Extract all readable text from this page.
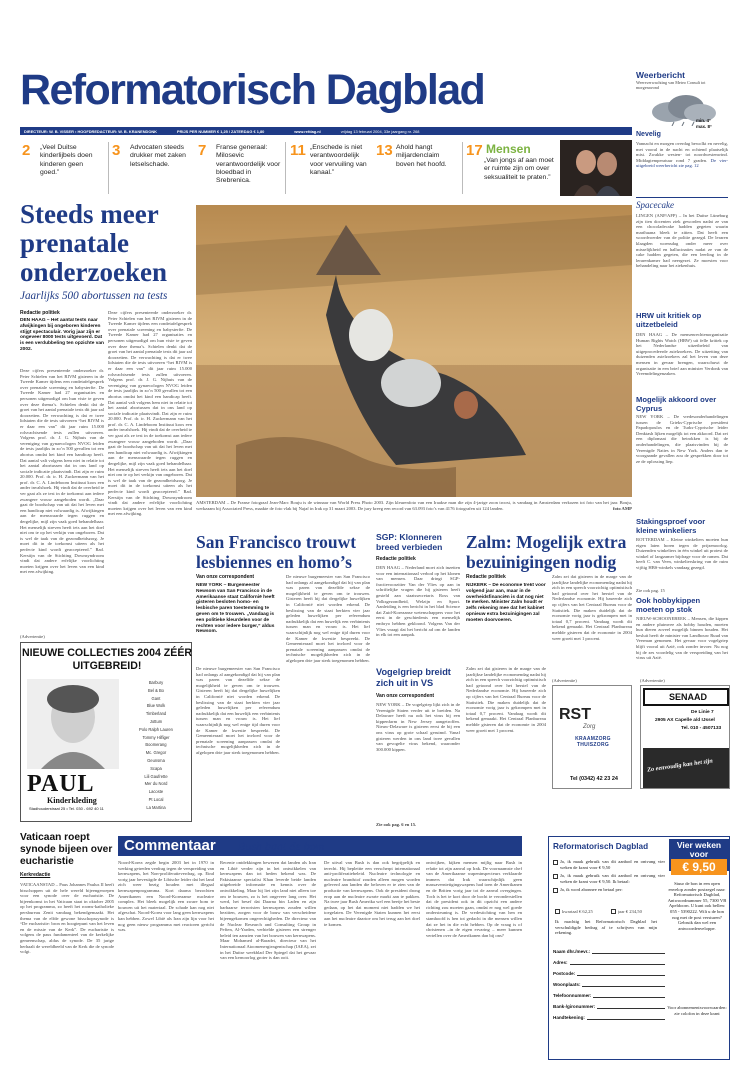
Reformatorisch Dagblad	Weerbericht
Weersverwachting van Meteo Consult tot morgenavond
min. 4°
max. 8°
DIRECTEUR: W. B. VISSER • HOOFDREDACTEUR: W. B. KRANENDONK	PRIJS PER NUMMER € 1,25 / ZATERDAG € 1,80	www.refdag.nl	vrijdag 13 februari 2004, 33e jaargang nr. 268
2 „Veel Duitse kinderlijbels doen kinderen geen goed.”
3 Advocaten steeds drukker met zaken letselschade.
7 Franse generaal: Milosevic verantwoordelijk voor bloedbad in Srebrenica.
11 „Enschede is niet verantwoordelijk voor vervuiling van kanaal.”
13 Ahold hangt miljardenclaim boven het hoofd.
17 Mensen
„Van jongs af aan moet er ruimte zijn om over seksualiteit te praten.”
Nevelig
Vannacht en morgen overdag bewolkt en nevelig, met vooral in de nacht en ochtend plaatselijk mist. Zwakke westen- tot noordwestenwind. Middagtemperatuur rond 7 graden. De vier- uitgebreid weerbericht zie pag. 12
Spacecake
LINGEN (ANP/AFP) – In het Duitse Lüneburg zijn tien docenten ziek geworden nadat ze van een chocoladecake hadden gegeten waarin marihuana bleek te zitten. Dat heeft een woordvoerder van de politie gezegd. De leraren klaagden woensdag onder meer over misselijkheid en hallucinaties nadat ze van de cake hadden gegeten, die een leerling in de lerarenkamer had neergezet. Ze moesten voor behandeling naar het ziekenhuis.
HRW uit kritiek op uitzetbeleid
DEN HAAG – De mensenrechtenorganisatie Human Rights Watch (HRW) uit felle kritiek op het Nederlandse uitzetbeleid van uitgeprocedeerde asielzoekers. De uitzetting van duizenden asielzoekers zal het leven van deze mensen in gevaar brengen, waarschuwt de organisatie in een brief aan minister Verdonk van Vreemdelingenzaken.
Mogelijk akkoord over Cyprus
NEW YORK – De vredesonderhandelingen tussen de Grieks-Cyprische president Papadopoulos en de Turks-Cyprische leider Denktash lijken mogelijk tot een akkoord. Dat zei een diplomaat die betrokken is bij de onderhandelingen, die plaatsvinden bij de Verenigde Naties in New York. Anders dan te voorgaande gevallen zou de gesprekken door tot ze de oplossing liep.
Stakingsproef voor kleine winkeliers
ROTTERDAM – Kleine winkeliers moeten hun eigen laten horen tegen de prijzenoorlog. Duizenden winkeliers in één winkel uit protest de winkel of langzamer bijdrage voor de ramen. Dat heeft C. van Veen, winkelierskring van de ruim vijftig HBS-winkels vandaag gezegd.
Zie ook pag. 15
Ook hobbykippen moeten op stok
NIEUW-SCHOONEBEEK – Mensen, die kippen en andere pluimvee als hobby houden, moeten hun dieren zoveel mogelijk binnen houden. Het besluit heeft de minister van Landbouw Ruud van Veerman genomen. Het gevaar voor vogelgriep blijft vooral uit Azië, ook zonder invoer. Nu nog bij de zes voordelig van de verspreiding van het virus uit Azië.
Steeds meer prenatale onderzoeken
Jaarlijks 500 abortussen na tests
Redactie politiek
DEN HAAG – Het aantal tests naar afwijkingen bij ongeboren kinderen stijgt spectaculair. Vorig jaar zijn er ongeveer 8000 tests uitgevoerd. Dat is een verdubbeling ten opzichte van 2002.
Deze cijfers presenteerde onderzoeker dr. Peter Schielen van het RIVM gisteren in de Tweede Kamer tijdens een rondetafelgesprek over prenatale screening en babysterfte. De Tweede Kamer had 27 organisaties en personen uitgenodigd om hun visie te geven over deze thema’s. Schielen denkt dat de groei van het aantal prenatale tests dit jaar zal doorzetten. De verwachting is dat er twee lidstaten die de tests uitvoeren “het RIVM is er daar een van” dit jaar ruim 15.000 rolsvachtsende tests zullen uitvoeren. Volgens prof. dr. J. G. Nijhuis van de vereniging van gynaecologen NVOG leiden de tests jaarlijks in zo’n 500 gevallen tot een abortus omdat het kind een handicap heeft. Dat aantal valt volgens hem niet in relatie tot het aantal abortussen dat in ons land op sociale indicatie plaatsvindt. Dat zijn er ruim 20.000. Prof. dr. ir. H. Zuckermann van het prof. dr. C. A. Lindeboom Instituut koos een ander invalshoek. Hij vindt dat de overheid te ver gaat als ze test in de toekomst aan iedere zwangere vrouw aangeboden wordt. „Daar gaat de boodschap van uit dat het leven met een handicap niet volwaardig is. Afwijkingen aan de menswaarde tegen ruggen en dergelijke, mijl zijn vaak goed behandelbaar. Het menselijk streven heeft iets aan het doel niet om te op het verkijn van ongeboren. Dat is wel de taak van de gezondheidszorg. Je moet dit in de toekomst uiteen als het perfecte kind wordt geaccepteerd.” Rad. Kerstijn van de Stichting Downsyndroom vindt dat andere erfelijke voorlichting moeten krijgen over het leven van een kind met een afwijking.
Deze cijfers presenteerde onderzoeker dr. Peter Schielen van het RIVM gisteren in de Tweede Kamer tijdens een rondetafelgesprek over prenatale screening en babysterfte. De Tweede Kamer had 27 organisaties en personen uitgenodigd om hun visie te geven over deze thema’s. Schielen denkt dat de groei van het aantal prenatale tests dit jaar zal doorzetten. De verwachting is dat er twee lidstaten die de tests uitvoeren “het RIVM is er daar een van” dit jaar ruim 15.000 rolsvachtsende tests zullen uitvoeren. Volgens prof. dr. J. G. Nijhuis van de vereniging van gynaecologen NVOG leiden de tests jaarlijks in zo’n 500 gevallen tot een abortus omdat het kind een handicap heeft. Dat aantal valt volgens hem niet in relatie tot het aantal abortussen dat in ons land op sociale indicatie plaatsvindt. Dat zijn er ruim 20.000. Prof. dr. ir. H. Zuckermann van het prof. dr. C. A. Lindeboom Instituut koos een ander invalshoek. Hij vindt dat de overheid te ver gaat als ze test in de toekomst aan iedere zwangere vrouw aangeboden wordt. „Daar gaat de boodschap van uit dat het leven met een handicap niet volwaardig is. Afwijkingen aan de menswaarde tegen ruggen en dergelijke, mijl zijn vaak goed behandelbaar. Het menselijk streven heeft iets aan het doel niet om te op het verkijn van ongeboren. Dat is wel de taak van de gezondheidszorg. Je moet dit in de toekomst uiteen als het perfecte kind wordt geaccepteerd.” Rad. Kerstijn van de Stichting Downsyndroom vindt dat andere erfelijke voorlichting moeten krijgen over het leven van een kind met een afwijking.
AMSTERDAM – De Franse fotograaf Jean-Marc Bouju is de winnaar van World Press Photo 2003. Zijn kleurenfoto van een Iraakse man die zijn 4-jarige zoon troost, is vandaag in Amsterdam verkozen tot foto van het jaar. Bouju, werkzaam bij Associated Press, maakte de foto vlak bij Najaf in Irak op 31 maart 2003. De jury kreeg een record van 63.093 foto’s van 4176 fotografen uit 124 landen.	foto AMP
San Francisco trouwt lesbiennes en homo’s
Van onze correspondent
NEW YORK – Burgemeester Newsom van San Francisco in de Amerikaanse staat Californië heeft gisteren besloten homo- en lesbische paren toestemming te geven om te trouwen. „Vandaag is een politieke kleurdelen voor de rechten voor iedere burger,” aldus Newsom.
De nieuwe burgemeester van San Francisco had onlangs al aangekondigd dat hij van plan was paren van dezelfde sekse de mogelijkheid te geven om te trouwen. Gisteren heeft hij dat dergelijke huwelijken in Californië niet worden erkend. De beslissing van de staat berkten vier jaar geleden huwelijken per referendum nadrukkelijk dat een huwelijk een verbintenis tussen man en vrouw is. Het lief waarschijnlijk nog wel enige tijd duren voor de Kamer de kwestie bespreekt. De Gemeenteraad moet het invloed voor de prenatale screening aanpassen omdat de technische mogelijkheden zich in de afgelopen drie jaar sterk toegenomen hebben.
De nieuwe burgemeester van San Francisco had onlangs al aangekondigd dat hij van plan was paren van dezelfde sekse de mogelijkheid te geven om te trouwen. Gisteren heeft hij dat dergelijke huwelijken in Californië niet worden erkend. De beslissing van de staat berkten vier jaar geleden huwelijken per referendum nadrukkelijk dat een huwelijk een verbintenis tussen man en vrouw is. Het lief waarschijnlijk nog wel enige tijd duren voor de Kamer de kwestie bespreekt. De Gemeenteraad moet het invloed voor de prenatale screening aanpassen omdat de technische mogelijkheden zich in de afgelopen drie jaar sterk toegenomen hebben.
SGP: Klonneren breed verbieden
Redactie politiek
DEN HAAG – Nederland moet zich inzetten voor een internationaal verbod op het klonen van mensen. Daar dringt SGP-fractievoorzitter Van der Vlies op aan in schriftelijke vragen die hij gisteren heeft gesteld aan staatssecretaris Ross van Volksgezondheid, Welzijn en Sport. Aanleiding is een bericht in het blad Science dat Zuid-Koreaanse wetenschappers voor het eerst in de geschiedenis een menselijk embryo hebben gekloond. Volgens Van der Vlies vraagt dat het bericht ad om de landen in elk tot een aanpak.
Vogelgriep breidt zich uit in VS
Van onze correspondent
NEW YORK – De vogelgriep lijkt zich in de Verenigde Staten verder uit te breiden. Na Delaware heeft nu ook het virus bij een kippenfarm in New Jersey aangetroffen. Nieuw-Delaware is gisteren eerst de bij een ons virus op grote schaal geruimd. Vanaf gisteren werden in ons land twee gevallen van gevogelte virus bekend, waaronder 300.000 kippen.
Zie ook pag. 6 en 15.
Zalm: Mogelijk extra bezuinigingen nodig
Redactie politiek
NIJKERK – De economie trekt voor volgend jaar aan, maar in de overheidsfinanciën is dat nog niet te merken. Minister Zalm houdt er zelfs rekening mee dat het kabinet opnieuw extra bezuinigingen zal moeten doorvoeren.
Zalm zei dat gisteren in de marge van de jaarlijkse landelijke economendag nadat hij zich in een speech voorzichtig optimistisch had getoond over het herstel van de Nederlandse economie. Hij baseerde zich op cijfers van het Centraal Bureau voor de Statistiek. Die maken duidelijk dat de economie vorig jaar is gekrompen met in totaal 0,7 procent. Vandaag wordt dit bekend gemaakt. Het Centraal Planbureau meldde gisteren dat de economie in 2004 weer groeit met 1 procent.
Zalm zei dat gisteren in de marge van de jaarlijkse landelijke economendag nadat hij zich in een speech voorzichtig optimistisch had getoond over het herstel van de Nederlandse economie. Hij baseerde zich op cijfers van het Centraal Bureau voor de Statistiek. Die maken duidelijk dat de economie vorig jaar is gekrompen met in totaal 0,7 procent. Vandaag wordt dit bekend gemaakt. Het Centraal Planbureau meldde gisteren dat de economie in 2004 weer groeit met 1 procent.
(Advertentie)
NIEUWE COLLECTIES 2004 ZÉÉR UITGEBREID!
Barbury
Bel & Bo
Gant
Blue Wolk
Timberland
Jottum
Polo Ralph Lauren
Tommy Hilfiger
Boomerang
Mc. Gregor
Geunsma
Scapa
Lili Gaufrette
Mer du Nord
Lacoste
Pt Local
La Martina
PAUL
Kinderkleding
Stadhouderstraat 25 • Tel. 030 - 692 40 11
(Advertentie)
RST
Zorg
KRAAMZORG THUISZORG
Tel (0342) 42 23 24
(Advertentie)
SENAAD
De Linie 7
2905 AX Capelle a/d IJssel
Tel. 010 - 4507133
Zo eenvoudig kan het zijn
Vaticaan roept synode bijeen over eucharistie
Kerkredactie
VATICAANSTAD – Paus Johannes Paulus II heeft bisschoppen uit de hele wereld bijeengeroepen voor een synode over de eucharistie. De bijeenkomst in het Vaticaan staat in oktober 2005 op het programma, zo heeft het rooms-katholieke persbureau Zenit vandaag bekendgemaakt. Het thema van de elfde gewone bisschopssynode is “De eucharistie: bron en hoogtepunt van het leven en de missie van de Kerk”. De eucharistie is volgens de paus fundamenteel van de kerkelijke gemeenschap, aldus de synode. De 35 jarige herhaalt de wereldbeeld van de Kerk die de synode volgt.
Commentaar Bush bant de bom
Noord-Korea zegde begin 2003 het in 1970 in werking getreden verdrag tegen de verspreiding van kernwapens, het Non-proliferatieverdrag, op. Eind vorig jaar bevestigde de Libische leider dat het land zich weer bezig houden met illegaal kernwapenprogramma. Kort daarna bezochten Amerikanen een Noord-Koreaanse nucleaire complex. Het bleek mogelijk een zware bom te bouwen uit het materiaal. De schade kan nog niet afgeschat. Noord-Korea voor lang geen kernwapens kan hebben. Zowel Libië als Iran zijn lijn voor het nog geen nieuw programma met reactoren gericht was.
Recente ontdekkingen bewezen dat landen als Iran en Libië verder zijn in het ontwikkelen van kernwapens dan tot heden bekend was. De Pakistaanse specialist Khan leverde beide landen uitgebreide informatie en kennis over de ontwikkeling. Maar hij liet zijn land niet alleen toe om te bouwen, zo is het ongeveer lang over. Het werd, het besef dat Daarna bin Laden en zijn barbaarse terroristen kernwapens zouden willen bezitten, zorgen voor de bouw van verscheidene bijeengekomen ongerechtigheden. De directeur van de Nuclear Research and Consulting Group in Peften, Al-Yarden, verhielde gisteren een strenger beleid ten aanzien van het bouwen van kernwapens. Maar Mohamed al-Baradei, directeur van het Internationaal Atoomenergieagentschap (IAEA), zei in het Duitse weekblad Der Spiegel dat het gevaar van een kernoorlog groter is dan ooit.
De uitval van Bush is dan ook begrijpelijk en terecht. Hij bepleitte een verscherpt internationaal anti-proliferatiebeleid. Nucleaire technologie en nucleaire brandstof zouden alleen mogen worden geleverd aan landen die beloven er te zien van de productie van kernwapens. Ook de president drong erop aan de nucleaire zwarte markt aan te pakken. Na twee jaar Bush Amerika wel een beetje het beste gedaan, op het dat moment niet hadden we het toegelaten. De Verenigde Staten kunnen het eerst aan het nucleaire daartoe om het terug aan het doel te komen.
ontwijken, kijken mensen mijlig naar Bush in relatie tot zijn aanval op Irak. De voornaamste chef van de Amerikaanse wapeninspecteurs verklaarde immers dat Irak waarschijnlijk geen massavernietigingswapens had toen de Amerikanen en de Britten vorig jaar tot de aanval overgingen. Toch is het te kort door de bocht te veronderstellen dat de president ook in dit opzicht een andere richting zou moeten gaan, omdat er nog wel goede ondersteuning is. De vredestichting van hen en stamhoofd is hen tot gedacht in die mensen willen dat ze het in die echt hebben. Op de vraag is of christenen –in de eigen ervaring – meer kunnen vertellen over de Amerikanen dan bij ons?
Reformatorisch Dagblad	Vier weken voor
€ 9,50
Ja, ik maak gebruik van dit aanbod en ontvang vier weken de krant voor € 9,50
Ja, ik maak gebruik van dit aanbod en ontvang vier weken de krant voor € 9,50. Ik betaal:
Ja, ik word abonnee en betaal per:
kwartaal € 62,25	jaar € 234,50
Ik machtig het Reformatorisch Dagblad het verschuldigde bedrag af te schrijven van mijn rekening.
Stuur de bon in een open envelop zonder postzegel naar: Reformatorisch Dagblad, Antwoordnummer 55, 7300 VB Apeldoorn. U kunt ook bellen: 055 - 5390222. Wilt u de bon nog met de post versturen? Gebruik dan wel een antwoordenveloppe.
Naam dhr./mevr.:
Adres:
Postcode:
Woonplaats:
Telefoonnummer:
Bank-/gironummer:
Handtekening:
Voor abonnementsvoorwaarden: zie colofon in deze krant
